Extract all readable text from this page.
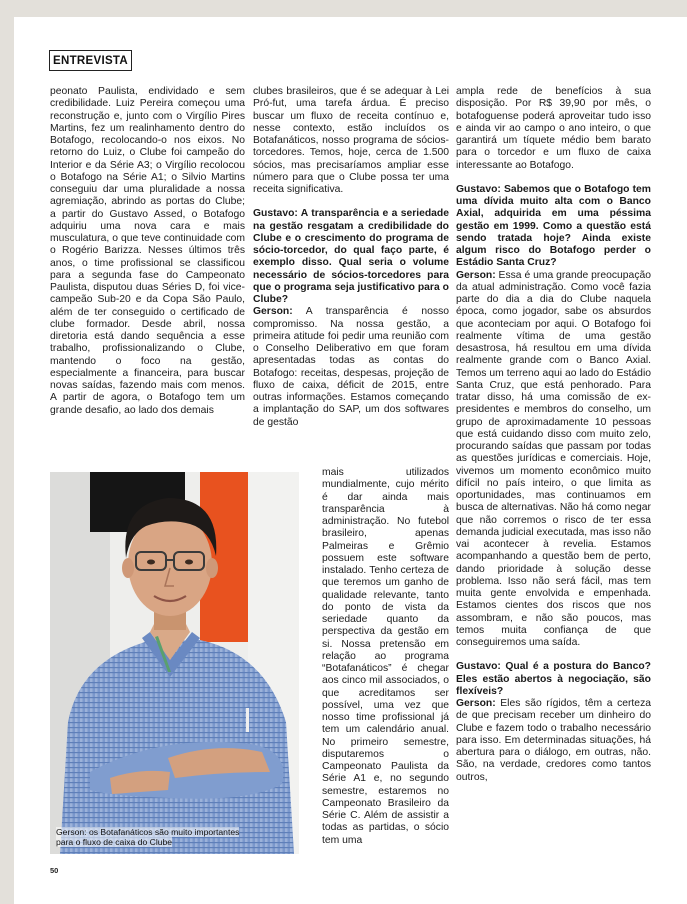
ENTREVISTA

peonato Paulista, endividado e sem credibilidade. Luiz Pereira começou uma reconstrução e, junto com o Virgílio Pires Martins, fez um realinhamento dentro do Botafogo, recolocando-o nos eixos. No retorno do Luiz, o Clube foi campeão do Interior e da Série A3; o Virgílio recolocou o Botafogo na Série A1; o Silvio Martins conseguiu dar uma pluralidade a nossa agremiação, abrindo as portas do Clube; a partir do Gustavo Assed, o Botafogo adquiriu uma nova cara e mais musculatura, o que teve continuidade com o Rogério Barizza. Nesses últimos três anos, o time profissional se classificou para a segunda fase do Campeonato Paulista, disputou duas Séries D, foi vice-campeão Sub-20 e da Copa São Paulo, além de ter conseguido o certificado de clube formador. Desde abril, nossa diretoria está dando sequência a esse trabalho, profissionalizando o Clube, mantendo o foco na gestão, especialmente a financeira, para buscar novas saídas, fazendo mais com menos. A partir de agora, o Botafogo tem um grande desafio, ao lado dos demais

clubes brasileiros, que é se adequar à Lei Pró-fut, uma tarefa árdua. É preciso buscar um fluxo de receita contínuo e, nesse contexto, estão incluídos os Botafanáticos, nosso programa de sócios-torcedores. Temos, hoje, cerca de 1.500 sócios, mas precisaríamos ampliar esse número para que o Clube possa ter uma receita significativa.

Gustavo: A transparência e a seriedade na gestão resgatam a credibilidade do Clube e o crescimento do programa de sócio-torcedor, do qual faço parte, é exemplo disso. Qual seria o volume necessário de sócios-torcedores para que o programa seja justificativo para o Clube?

Gerson: A transparência é nosso compromisso. Na nossa gestão, a primeira atitude foi pedir uma reunião com o Conselho Deliberativo em que foram apresentadas todas as contas do Botafogo: receitas, despesas, projeção de fluxo de caixa, déficit de 2015, entre outras informações. Estamos começando a implantação do SAP, um dos softwares de gestão

mais utilizados mundialmente, cujo mérito é dar ainda mais transparência à administração. No futebol brasileiro, apenas Palmeiras e Grêmio possuem este software instalado. Tenho certeza de que teremos um ganho de qualidade relevante, tanto do ponto de vista da seriedade quanto da perspectiva da gestão em si. Nossa pretensão em relação ao programa “Botafanáticos” é chegar aos cinco mil associados, o que acreditamos ser possível, uma vez que nosso time profissional já tem um calendário anual. No primeiro semestre, disputaremos o Campeonato Paulista da Série A1 e, no segundo semestre, estaremos no Campeonato Brasileiro da Série C. Além de assistir a todas as partidas, o sócio tem uma

ampla rede de benefícios à sua disposição. Por R$ 39,90 por mês, o botafoguense poderá aproveitar tudo isso e ainda vir ao campo o ano inteiro, o que garantirá um tíquete médio bem barato para o torcedor e um fluxo de caixa interessante ao Botafogo.

Gustavo: Sabemos que o Botafogo tem uma dívida muito alta com o Banco Axial, adquirida em uma péssima gestão em 1999. Como a questão está sendo tratada hoje? Ainda existe algum risco do Botafogo perder o Estádio Santa Cruz?

Gerson: Essa é uma grande preocupação da atual administração. Como você fazia parte do dia a dia do Clube naquela época, como jogador, sabe os absurdos que aconteciam por aqui. O Botafogo foi realmente vítima de uma gestão desastrosa, há resultou em uma dívida realmente grande com o Banco Axial. Temos um terreno aqui ao lado do Estádio Santa Cruz, que está penhorado. Para tratar disso, há uma comissão de ex-presidentes e membros do conselho, um grupo de aproximadamente 10 pessoas que está cuidando disso com muito zelo, procurando saídas que passam por todas as questões jurídicas e comerciais. Hoje, vivemos um momento econômico muito difícil no país inteiro, o que limita as oportunidades, mas continuamos em busca de alternativas. Não há como negar que não corremos o risco de ter essa demanda judicial executada, mas isso não vai acontecer à revelia. Estamos acompanhando a questão bem de perto, dando prioridade à solução desse problema. Isso não será fácil, mas tem muita gente envolvida e empenhada. Estamos cientes dos riscos que nos assombram, e não são poucos, mas temos muita confiança de que conseguiremos uma saída.

Gustavo: Qual é a postura do Banco? Eles estão abertos à negociação, são flexíveis?

Gerson: Eles são rígidos, têm a certeza de que precisam receber um dinheiro do Clube e fazem todo o trabalho necessário para isso. Em determinadas situações, há abertura para o diálogo, em outras, não. São, na verdade, credores como tantos outros,

Gerson: os Botafanáticos são muito importantes para o fluxo de caixa do Clube
50
